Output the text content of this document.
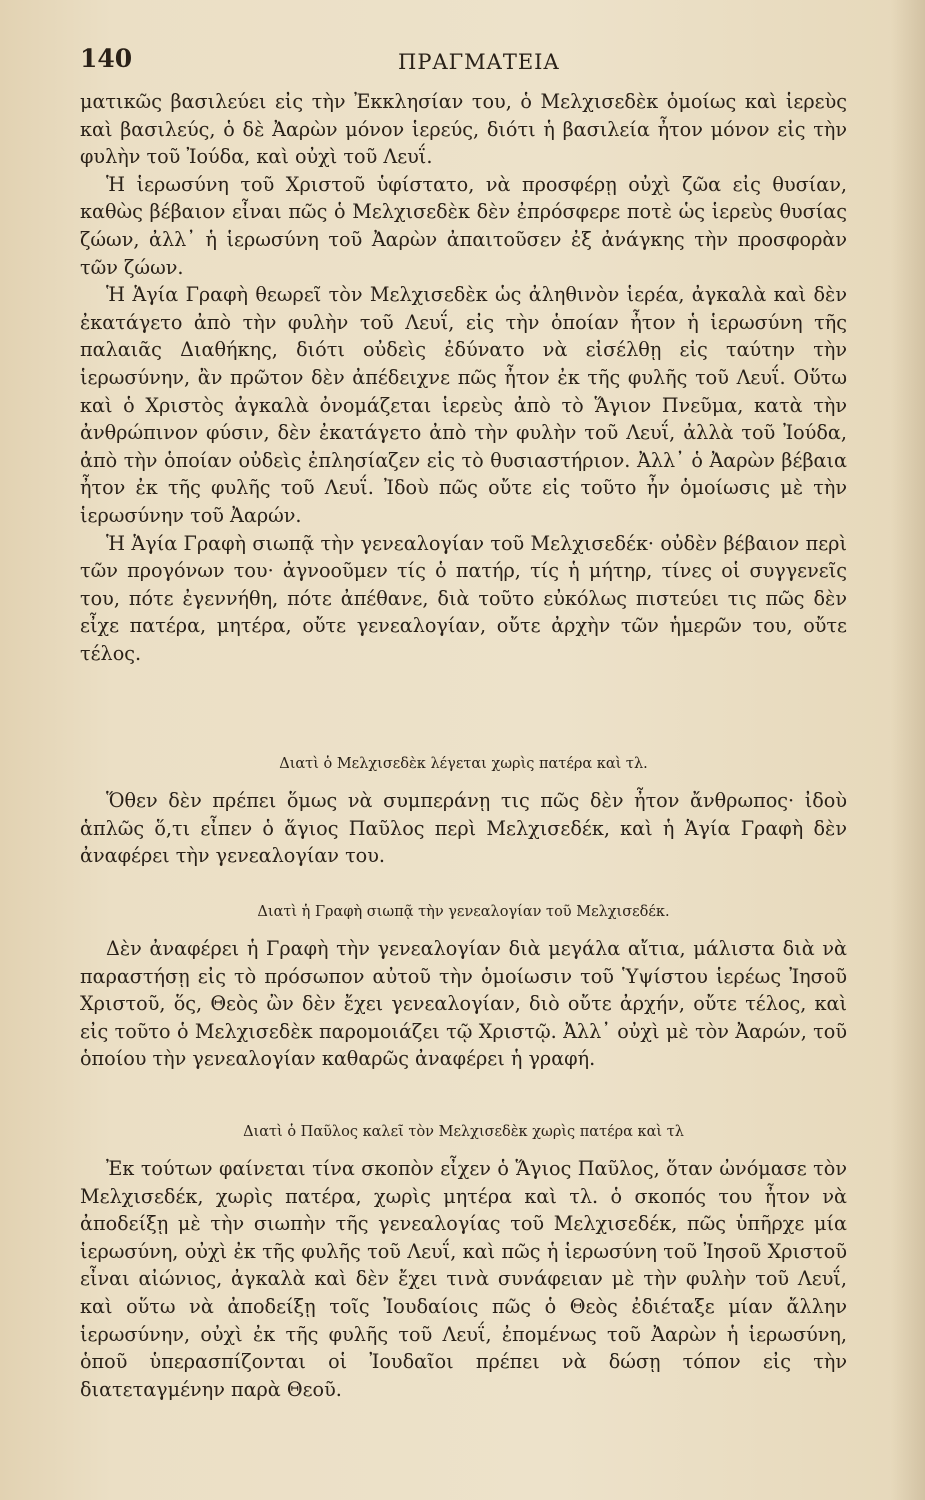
140	ΠΡΑΓΜΑΤΕΙΑ

ματικῶς βασιλεύει εἰς τὴν Ἐκκλησίαν του, ὁ Μελχισεδὲκ ὁμοίως καὶ ἱερεὺς καὶ βασιλεύς, ὁ δὲ Ἀαρὼν μόνον ἱερεύς, διότι ἡ βασιλεία ἦτον μόνον εἰς τὴν φυλὴν τοῦ Ἰούδα, καὶ οὐχὶ τοῦ Λευΐ.

Ἡ ἱερωσύνη τοῦ Χριστοῦ ὑφίστατο, νὰ προσφέρῃ οὐχὶ ζῶα εἰς θυσίαν, καθὼς βέβαιον εἶναι πῶς ὁ Μελχισεδὲκ δὲν ἐπρόσφερε ποτὲ ὡς ἱερεὺς θυσίας ζώων, ἀλλ᾽ ἡ ἱερωσύνη τοῦ Ἀαρὼν ἀπαιτοῦσεν ἐξ ἀνάγκης τὴν προσφορὰν τῶν ζώων.

Ἡ Ἁγία Γραφὴ θεωρεῖ τὸν Μελχισεδὲκ ὡς ἀληθινὸν ἱερέα, ἀγκαλὰ καὶ δὲν ἐκατάγετο ἀπὸ τὴν φυλὴν τοῦ Λευΐ, εἰς τὴν ὁποίαν ἦτον ἡ ἱερωσύνη τῆς παλαιᾶς Διαθήκης, διότι οὐδεὶς ἐδύνατο νὰ εἰσέλθῃ εἰς ταύτην τὴν ἱερωσύνην, ἂν πρῶτον δὲν ἀπέδειχνε πῶς ἦτον ἐκ τῆς φυλῆς τοῦ Λευΐ. Οὕτω καὶ ὁ Χριστὸς ἀγκαλὰ ὀνομάζεται ἱερεὺς ἀπὸ τὸ Ἅγιον Πνεῦμα, κατὰ τὴν ἀνθρώπινον φύσιν, δὲν ἐκατάγετο ἀπὸ τὴν φυλὴν τοῦ Λευΐ, ἀλλὰ τοῦ Ἰούδα, ἀπὸ τὴν ὁποίαν οὐδεὶς ἐπλησίαζεν εἰς τὸ θυσιαστήριον. Ἀλλ᾽ ὁ Ἀαρὼν βέβαια ἦτον ἐκ τῆς φυλῆς τοῦ Λευΐ. Ἰδοὺ πῶς οὔτε εἰς τοῦτο ἦν ὁμοίωσις μὲ τὴν ἱερωσύνην τοῦ Ἀαρών.

Ἡ Ἁγία Γραφὴ σιωπᾷ τὴν γενεαλογίαν τοῦ Μελχισεδέκ· οὐδὲν βέβαιον περὶ τῶν προγόνων του· ἀγνοοῦμεν τίς ὁ πατήρ, τίς ἡ μήτηρ, τίνες οἱ συγγενεῖς του, πότε ἐγεννήθη, πότε ἀπέθανε, διὰ τοῦτο εὐκόλως πιστεύει τις πῶς δὲν εἶχε πατέρα, μητέρα, οὔτε γενεαλογίαν, οὔτε ἀρχὴν τῶν ἡμερῶν του, οὔτε τέλος.

Διατὶ ὁ Μελχισεδὲκ λέγεται χωρὶς πατέρα καὶ τλ.

Ὅθεν δὲν πρέπει ὅμως νὰ συμπεράνῃ τις πῶς δὲν ἦτον ἄνθρωπος· ἰδοὺ ἁπλῶς ὅ,τι εἶπεν ὁ ἅγιος Παῦλος περὶ Μελχισεδέκ, καὶ ἡ Ἁγία Γραφὴ δὲν ἀναφέρει τὴν γενεαλογίαν του.

Διατὶ ἡ Γραφὴ σιωπᾷ τὴν γενεαλογίαν τοῦ Μελχισεδέκ.

Δὲν ἀναφέρει ἡ Γραφὴ τὴν γενεαλογίαν διὰ μεγάλα αἴτια, μάλιστα διὰ νὰ παραστήσῃ εἰς τὸ πρόσωπον αὐτοῦ τὴν ὁμοίωσιν τοῦ Ὑψίστου ἱερέως Ἰησοῦ Χριστοῦ, ὅς, Θεὸς ὢν δὲν ἔχει γενεαλογίαν, διὸ οὔτε ἀρχήν, οὔτε τέλος, καὶ εἰς τοῦτο ὁ Μελχισεδὲκ παρομοιάζει τῷ Χριστῷ. Ἀλλ᾽ οὐχὶ μὲ τὸν Ἀαρών, τοῦ ὁποίου τὴν γενεαλογίαν καθαρῶς ἀναφέρει ἡ γραφή.

Διατὶ ὁ Παῦλος καλεῖ τὸν Μελχισεδὲκ χωρὶς πατέρα καὶ τλ

Ἐκ τούτων φαίνεται τίνα σκοπὸν εἶχεν ὁ Ἅγιος Παῦλος, ὅταν ὠνόμασε τὸν Μελχισεδέκ, χωρὶς πατέρα, χωρὶς μητέρα καὶ τλ. ὁ σκοπός του ἦτον νὰ ἀποδείξῃ μὲ τὴν σιωπὴν τῆς γενεαλογίας τοῦ Μελχισεδέκ, πῶς ὑπῆρχε μία ἱερωσύνη, οὐχὶ ἐκ τῆς φυλῆς τοῦ Λευΐ, καὶ πῶς ἡ ἱερωσύνη τοῦ Ἰησοῦ Χριστοῦ εἶναι αἰώνιος, ἀγκαλὰ καὶ δὲν ἔχει τινὰ συνάφειαν μὲ τὴν φυλὴν τοῦ Λευΐ, καὶ οὕτω νὰ ἀποδείξῃ τοῖς Ἰουδαίοις πῶς ὁ Θεὸς ἐδιέταξε μίαν ἄλλην ἱερωσύνην, οὐχὶ ἐκ τῆς φυλῆς τοῦ Λευΐ, ἐπομένως τοῦ Ἀαρὼν ἡ ἱερωσύνη, ὁποῦ ὑπερασπίζονται οἱ Ἰουδαῖοι πρέπει νὰ δώσῃ τόπον εἰς τὴν διατεταγμένην παρὰ Θεοῦ.
